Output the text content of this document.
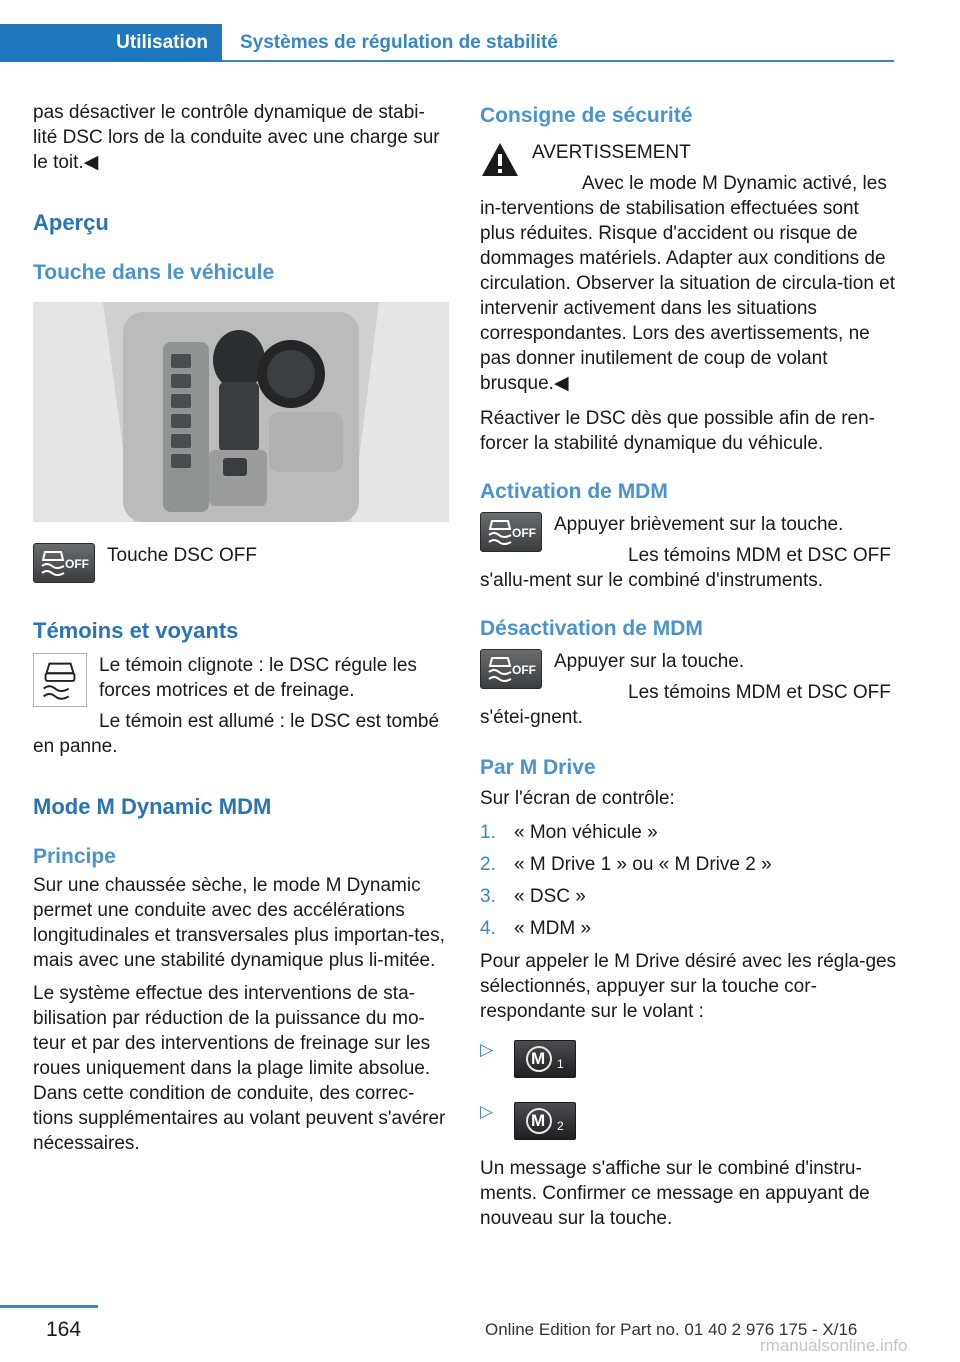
Utilisation	Systèmes de régulation de stabilité

pas désactiver le contrôle dynamique de stabi‐lité DSC lors de la conduite avec une charge sur le toit.◀

Aperçu
Touche dans le véhicule
OFF Touche DSC OFF

Témoins et voyants

Le témoin clignote : le DSC régule les forces motrices et de freinage.

Le témoin est allumé : le DSC est tombé en panne.

Mode M Dynamic MDM
Principe

Sur une chaussée sèche, le mode M Dynamic permet une conduite avec des accélérations longitudinales et transversales plus importan‐tes, mais avec une stabilité dynamique plus li‐mitée.

Le système effectue des interventions de sta‐bilisation par réduction de la puissance du mo‐teur et par des interventions de freinage sur les roues uniquement dans la plage limite absolue. Dans cette condition de conduite, des correc‐tions supplémentaires au volant peuvent s'avérer nécessaires.

Consigne de sécurité

AVERTISSEMENT

Avec le mode M Dynamic activé, les in‐terventions de stabilisation effectuées sont plus réduites. Risque d'accident ou risque de dommages matériels. Adapter aux conditions de circulation. Observer la situation de circula‐tion et intervenir activement dans les situations correspondantes. Lors des avertissements, ne pas donner inutilement de coup de volant brusque.◀

Réactiver le DSC dès que possible afin de ren‐forcer la stabilité dynamique du véhicule.

Activation de MDM
OFF Appuyer brièvement sur la touche.

Les témoins MDM et DSC OFF s'allu‐ment sur le combiné d'instruments.

Désactivation de MDM
OFF Appuyer sur la touche.

Les témoins MDM et DSC OFF s'étei‐gnent.

Par M Drive

Sur l'écran de contrôle:

1. « Mon véhicule »
2. « M Drive 1 » ou « M Drive 2 »
3. « DSC »
4. « MDM »

Pour appeler le M Drive désiré avec les régla‐ges sélectionnés, appuyer sur la touche cor‐respondante sur le volant :

▷ M 1
▷ M 2

Un message s'affiche sur le combiné d'instru‐ments. Confirmer ce message en appuyant de nouveau sur la touche.

164	Online Edition for Part no. 01 40 2 976 175 - X/16
rmanualsonline.info
